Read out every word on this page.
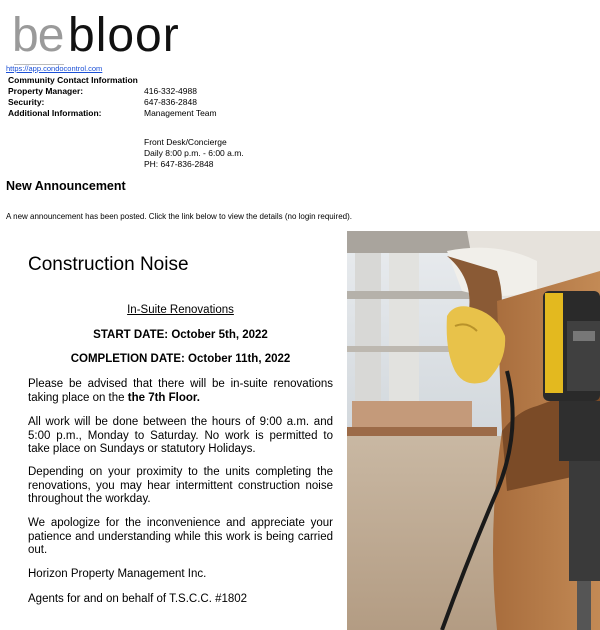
be bloor
https://app.condocontrol.com
Community Contact Information
Property Manager:	416-332-4988
Security:	647-836-2848
Additional Information:	Management Team
Front Desk/Concierge
Daily 8:00 p.m. - 6:00 a.m.
PH: 647-836-2848
New Announcement
A new announcement has been posted. Click the link below to view the details (no login required).
Construction Noise
In-Suite Renovations
START DATE: October 5th, 2022
COMPLETION DATE: October 11th, 2022
Please be advised that there will be in-suite renovations taking place on the the 7th Floor.
All work will be done between the hours of 9:00 a.m. and 5:00 p.m., Monday to Saturday. No work is permitted to take place on Sundays or statutory Holidays.
Depending on your proximity to the units completing the renovations, you may hear intermittent construction noise throughout the workday.
We apologize for the inconvenience and appreciate your patience and understanding while this work is being carried out.
Horizon Property Management Inc.
Agents for and on behalf of T.S.C.C. #1802
